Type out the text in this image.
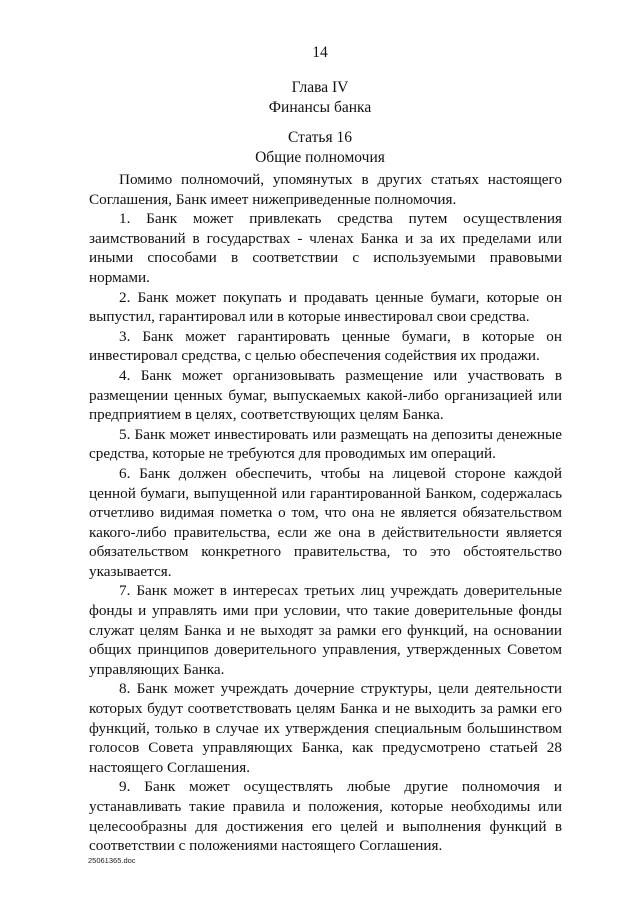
14
Глава IV
Финансы банка
Статья 16
Общие полномочия

Помимо полномочий, упомянутых в других статьях настоящего Соглашения, Банк имеет нижеприведенные полномочия.

1. Банк может привлекать средства путем осуществления заимствований в государствах - членах Банка и за их пределами или иными способами в соответствии с используемыми правовыми нормами.

2. Банк может покупать и продавать ценные бумаги, которые он выпустил, гарантировал или в которые инвестировал свои средства.

3. Банк может гарантировать ценные бумаги, в которые он инвестировал средства, с целью обеспечения содействия их продажи.

4. Банк может организовывать размещение или участвовать в размещении ценных бумаг, выпускаемых какой-либо организацией или предприятием в целях, соответствующих целям Банка.

5. Банк может инвестировать или размещать на депозиты денежные средства, которые не требуются для проводимых им операций.

6. Банк должен обеспечить, чтобы на лицевой стороне каждой ценной бумаги, выпущенной или гарантированной Банком, содержалась отчетливо видимая пометка о том, что она не является обязательством какого-либо правительства, если же она в действительности является обязательством конкретного правительства, то это обстоятельство указывается.

7. Банк может в интересах третьих лиц учреждать доверительные фонды и управлять ими при условии, что такие доверительные фонды служат целям Банка и не выходят за рамки его функций, на основании общих принципов доверительного управления, утвержденных Советом управляющих Банка.

8. Банк может учреждать дочерние структуры, цели деятельности которых будут соответствовать целям Банка и не выходить за рамки его функций, только в случае их утверждения специальным большинством голосов Совета управляющих Банка, как предусмотрено статьей 28 настоящего Соглашения.

9. Банк может осуществлять любые другие полномочия и устанавливать такие правила и положения, которые необходимы или целесообразны для достижения его целей и выполнения функций в соответствии с положениями настоящего Соглашения.

25061365.doc
